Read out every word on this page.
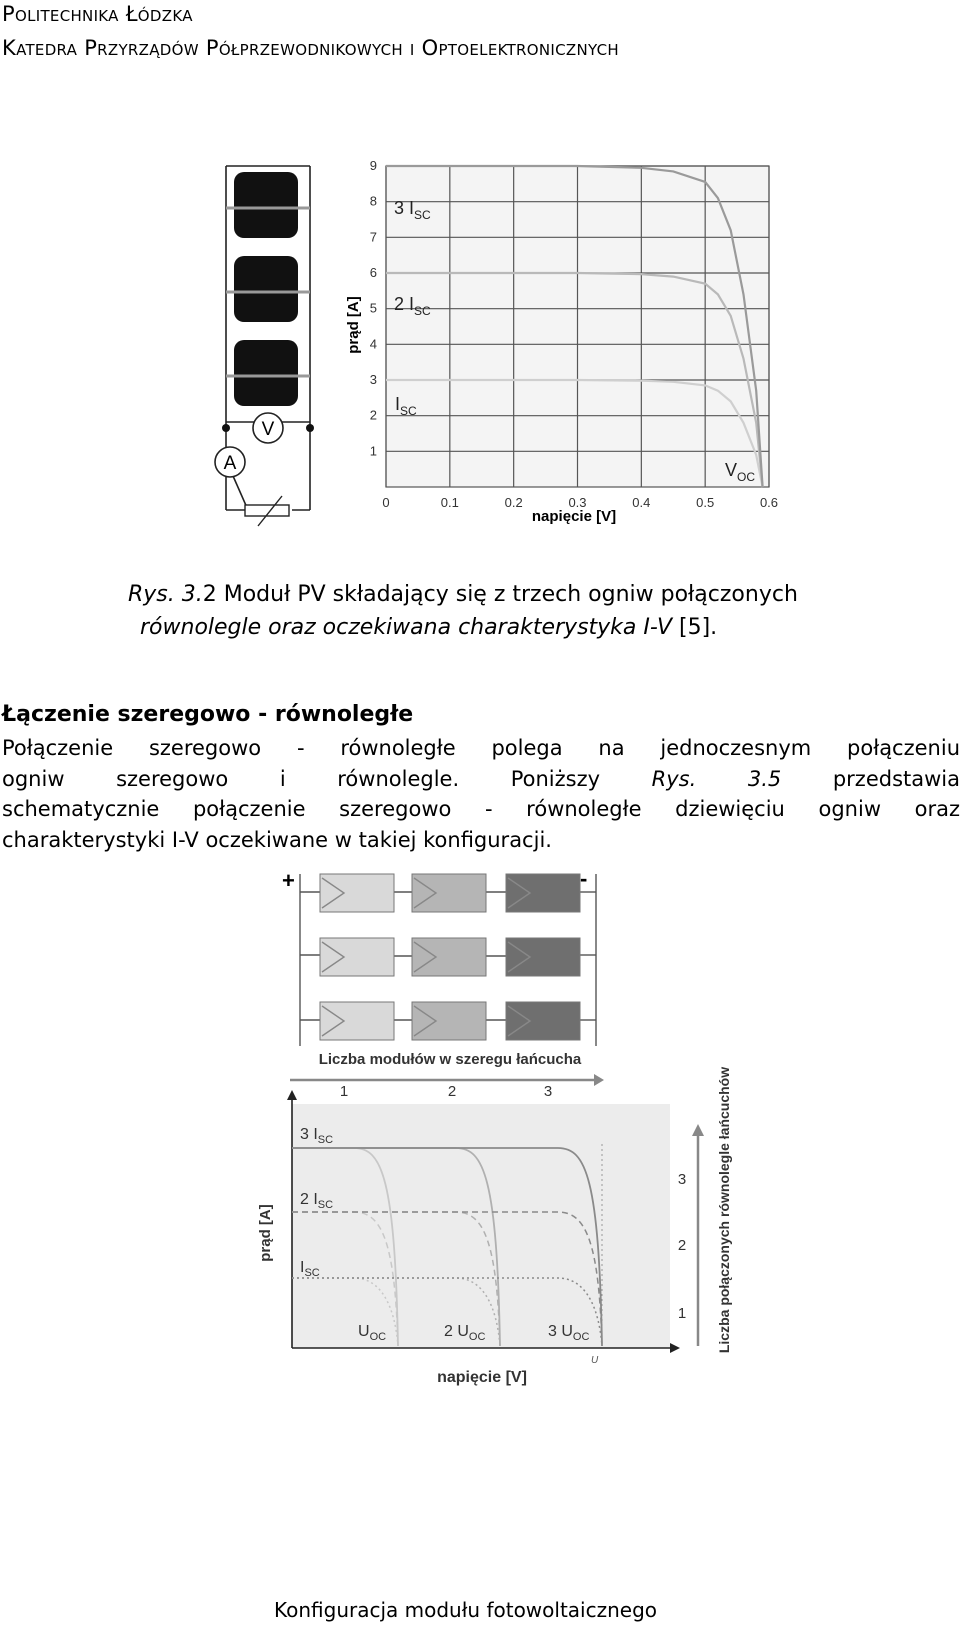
Politechnika Łódzka
Katedra Przyrządów Półprzewodnikowych i Optoelektronicznych
V
A
0	0.1	0.2	0.3	0.4	0.5	0.6
1
2
3
4
5
6
7
8
9
3 $I_{SC}$
2 $I_{SC}$
$I_{SC}$
$V_{OC}$
prąd [A]
napięcie [V]
Rys. 3.2 Moduł PV składający się z trzech ogniw połączonych
równolegle oraz oczekiwana charakterystyka I-V [5].
Łączenie szeregowo - równoległe
Połączenie szeregowo - równoległe polega na jednoczesnym połączeniu
ogniw szeregowo i równolegle. Poniższy Rys. 3.5 przedstawia
schematycznie połączenie szeregowo - równoległe dziewięciu ogniw oraz
charakterystyki I-V oczekiwane w takiej konfiguracji.
+	-
Liczba modułów w szeregu łańcucha
1	2	3
3 $I_{SC}$
2 $I_{SC}$
$I_{SC}$
$U_{OC}$	2 $U_{OC}$	3 $U_{OC}$
prąd [A]
napięcie [V]
U
3
2
1 Liczba połączonych równolegle łańcuchów
Konfiguracja modułu fotowoltaicznego
